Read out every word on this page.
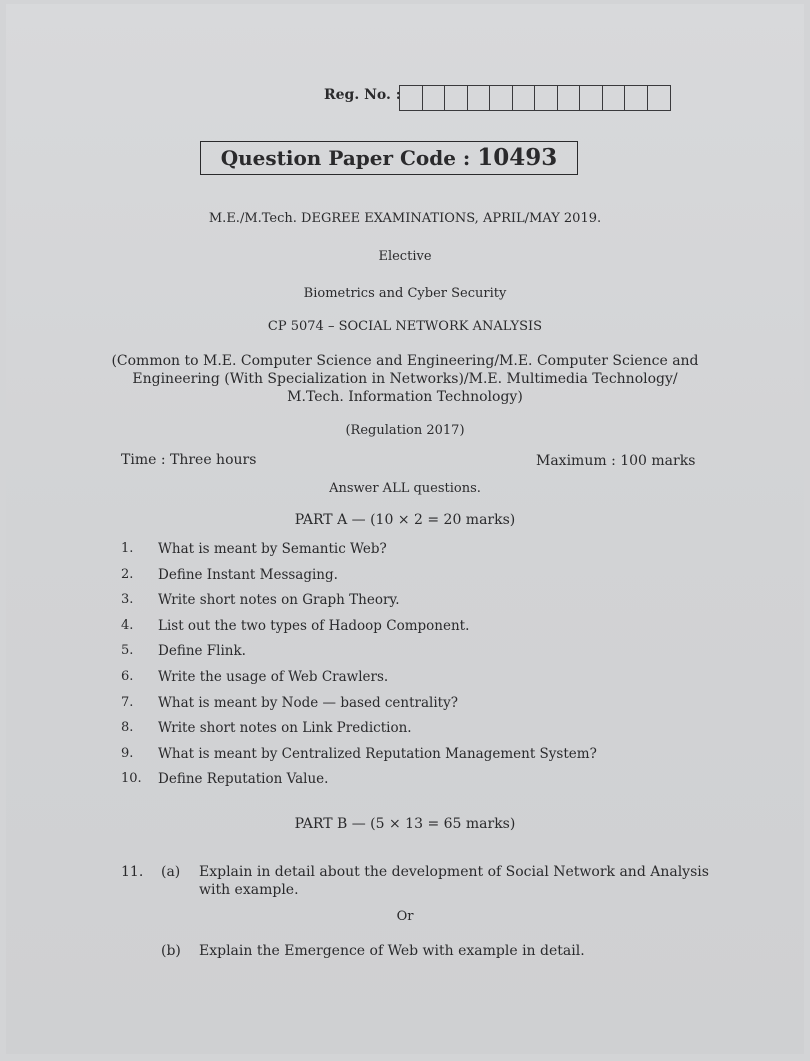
Reg. No. :
Question Paper Code : 10493
M.E./M.Tech. DEGREE EXAMINATIONS, APRIL/MAY 2019.
Elective
Biometrics and Cyber Security
CP 5074 – SOCIAL NETWORK ANALYSIS
(Common to M.E. Computer Science and Engineering/M.E. Computer Science and
Engineering (With Specialization in Networks)/M.E. Multimedia Technology/
M.Tech. Information Technology)
(Regulation 2017)
Time : Three hours	Maximum : 100 marks
Answer ALL questions.
PART A — (10 × 2 = 20 marks)
1. What is meant by Semantic Web?
2. Define Instant Messaging.
3. Write short notes on Graph Theory.
4. List out the two types of Hadoop Component.
5. Define Flink.
6. Write the usage of Web Crawlers.
7. What is meant by Node — based centrality?
8. Write short notes on Link Prediction.
9. What is meant by Centralized Reputation Management System?
10. Define Reputation Value.
PART B — (5 × 13 = 65 marks)
11. (a) Explain in detail about the development of Social Network and Analysis
with example.
Or
(b) Explain the Emergence of Web with example in detail.
